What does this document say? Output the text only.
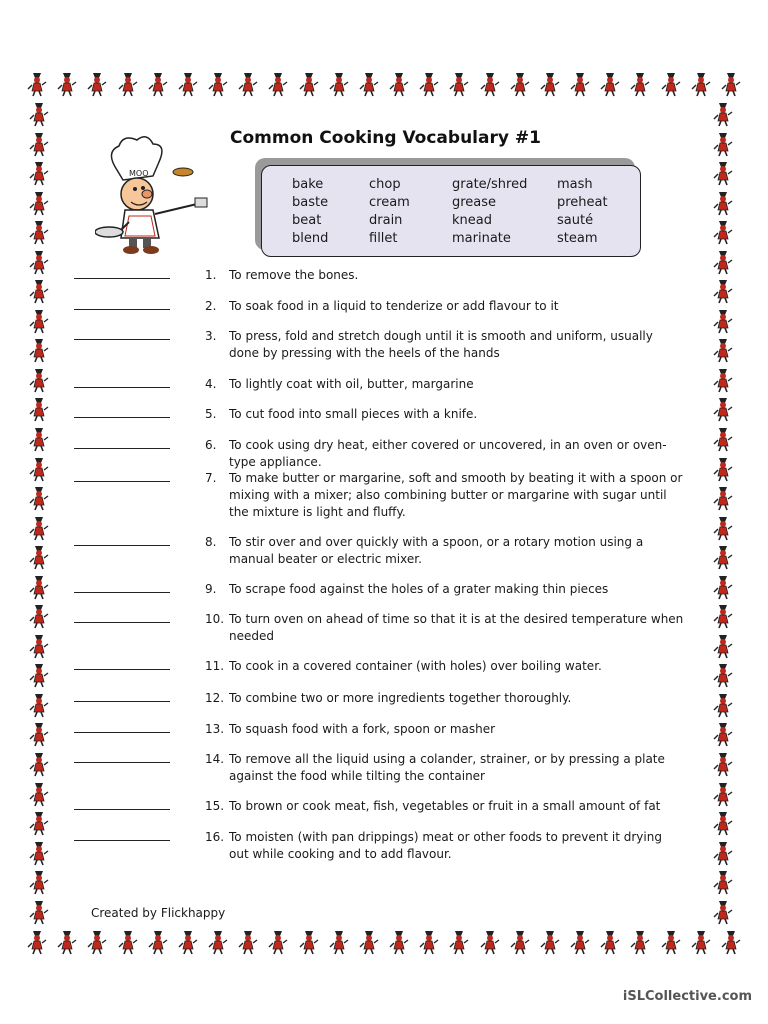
MOO
Common Cooking Vocabulary #1
bake	chop	grate/shred	mash
baste	cream	grease	preheat
beat	drain	knead	sauté
blend	fillet	marinate	steam
1.	To remove the bones.
2.	To soak food in a liquid to tenderize or add flavour to it
3.	To press, fold and stretch dough until it is smooth and uniform, usually done by pressing with the heels of the hands
4.	To lightly coat with oil, butter, margarine
5.	To cut food into small pieces with a knife.
6.	To cook using dry heat, either covered or uncovered, in an oven or oven-type appliance.
7.	To make butter or margarine, soft and smooth by beating it with a spoon or mixing with a mixer; also combining butter or margarine with sugar until the mixture is light and fluffy.
8.	To stir over and over quickly with a spoon, or a rotary motion using a manual beater or electric mixer.
9.	To scrape food against the holes of a grater making thin pieces
10. To turn oven on ahead of time so that it is at the desired temperature when needed
11. To cook in a covered container (with holes) over boiling water.
12. To combine two or more ingredients together thoroughly.
13. To squash food with a fork, spoon or masher
14. To remove all the liquid using a colander, strainer, or by pressing a plate against the food while tilting the container
15. To brown or cook meat, fish, vegetables or fruit in a small amount of fat
16. To moisten (with pan drippings) meat or other foods to prevent it drying out while cooking and to add flavour.
Created by Flickhappy
iSLCollective.com
